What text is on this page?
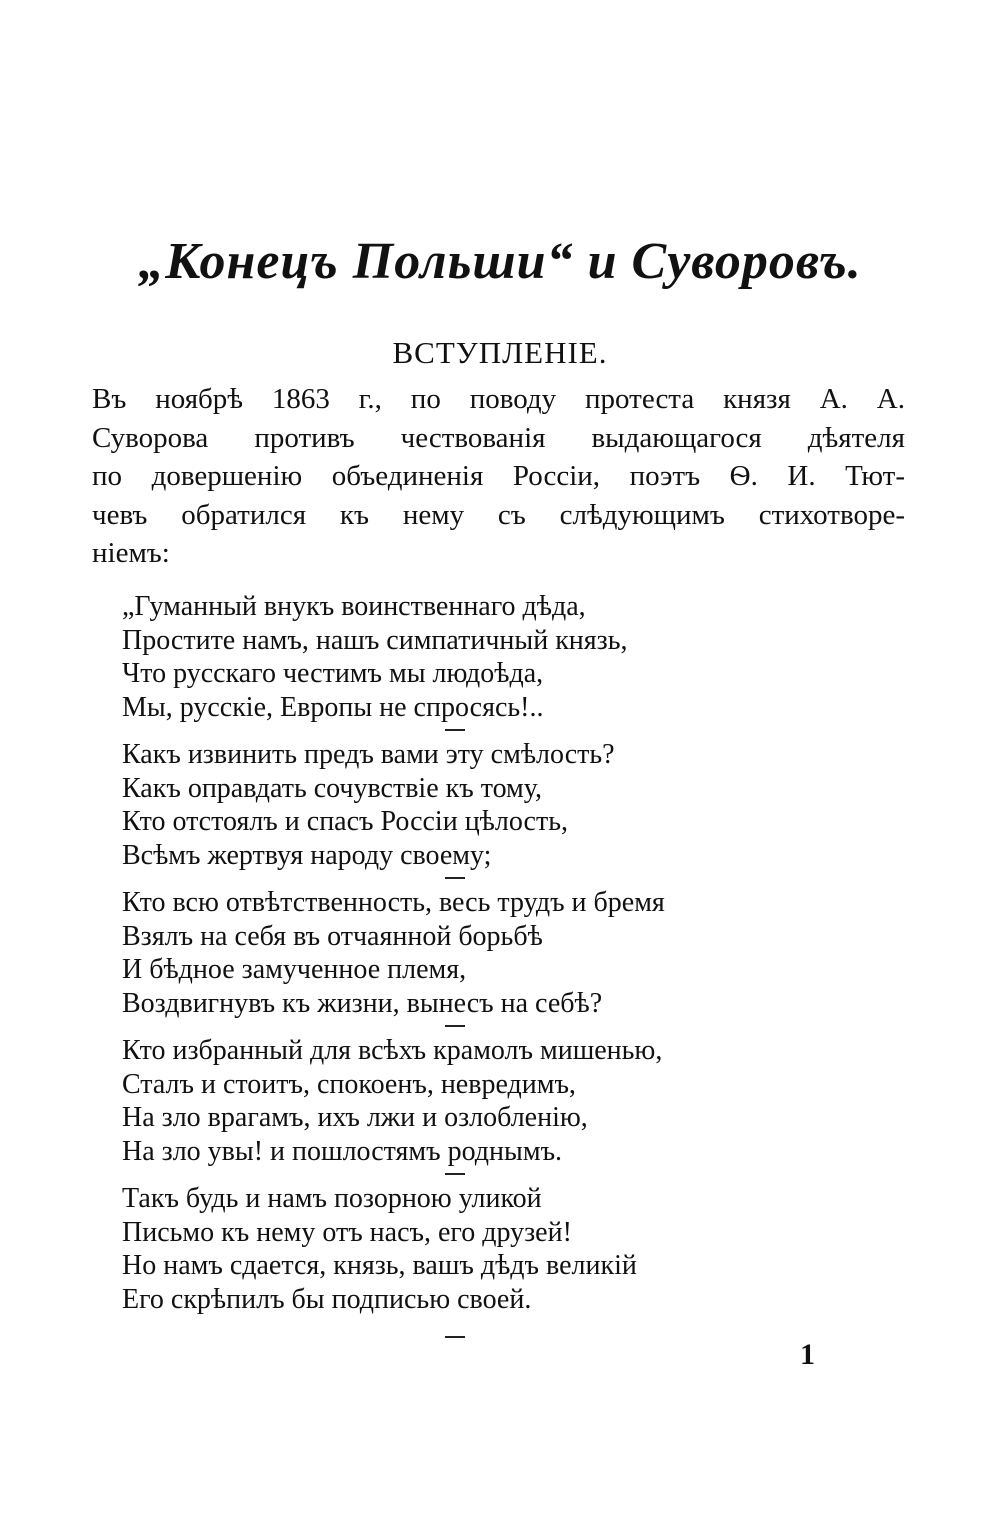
„Конецъ Польши“ и Суворовъ.
ВСТУПЛЕНІЕ.
Въ ноябрѣ 1863 г., по поводу протеста князя А. А.
Суворова противъ чествованія выдающагося дѣятеля
по довершенію объединенія Россіи, поэтъ Ѳ. И. Тют-
чевъ обратился къ нему съ слѣдующимъ стихотворе-
ніемъ:
„Гуманный внукъ воинственнаго дѣда,
Простите намъ, нашъ симпатичный князь,
Что русскаго честимъ мы людоѣда,
Мы, русскіе, Европы не спросясь!..
Какъ извинить предъ вами эту смѣлость?
Какъ оправдать сочувствіе къ тому,
Кто отстоялъ и спасъ Россіи цѣлость,
Всѣмъ жертвуя народу своему;
Кто всю отвѣтственность, весь трудъ и бремя
Взялъ на себя въ отчаянной борьбѣ
И бѣдное замученное племя,
Воздвигнувъ къ жизни, вынесъ на себѣ?
Кто избранный для всѣхъ крамолъ мишенью,
Сталъ и стоитъ, спокоенъ, невредимъ,
На зло врагамъ, ихъ лжи и озлобленію,
На зло увы! и пошлостямъ роднымъ.
Такъ будь и намъ позорною уликой
Письмо къ нему отъ насъ, его друзей!
Но намъ сдается, князь, вашъ дѣдъ великій
Его скрѣпилъ бы подписью своей.
1
